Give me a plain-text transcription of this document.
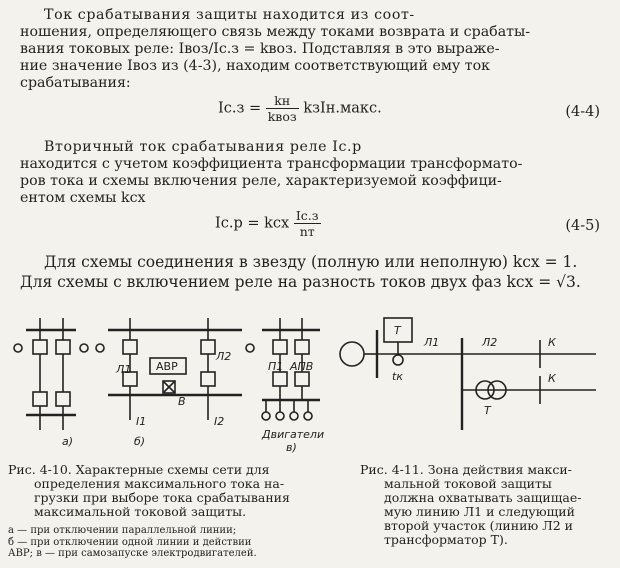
Ток срабатывания защиты находится из соот-
ношения, определяющего связь между токами возврата и срабаты-
вания токовых реле: Iвоз/Iс.з = kвоз. Подставляя в это выраже-
ние значение Iвоз из (4-3), находим соответствующий ему ток
срабатывания:
$Iс.з = \frac{kн}{\text{kвоз}}$ kзIн.макс.	(4-4)
Вторичный ток срабатывания реле Iс.р
находится с учетом коэффициента трансформации трансформато-
ров тока и схемы включения реле, характеризуемой коэффици-
ентом схемы kсх
Iс.р = kсх $\frac{Iс.з}{nт}$	(4-5)
Для схемы соединения в звезду (полную или неполную) kсх = 1.
Для схемы с включением реле на разность токов двух фаз kсх = √3.
Л1
Л2
АВР
В
I1	I2
П1 АПВ
Двигатели
а)	б)	в)
Т
Л1	Л2	К
К
Т
tк
Рис. 4-10. Характерные схемы сети для
определения максимального тока на-
грузки при выборе тока срабатывания
максимальной токовой защиты.
а — при отключении параллельной линии;
б — при отключении одной линии и действии
АВР; в — при самозапуске электродвигателей.
Рис. 4-11. Зона действия макси-
мальной токовой защиты
должна охватывать защищае-
мую линию Л1 и следующий
второй участок (линию Л2 и
трансформатор Т).
